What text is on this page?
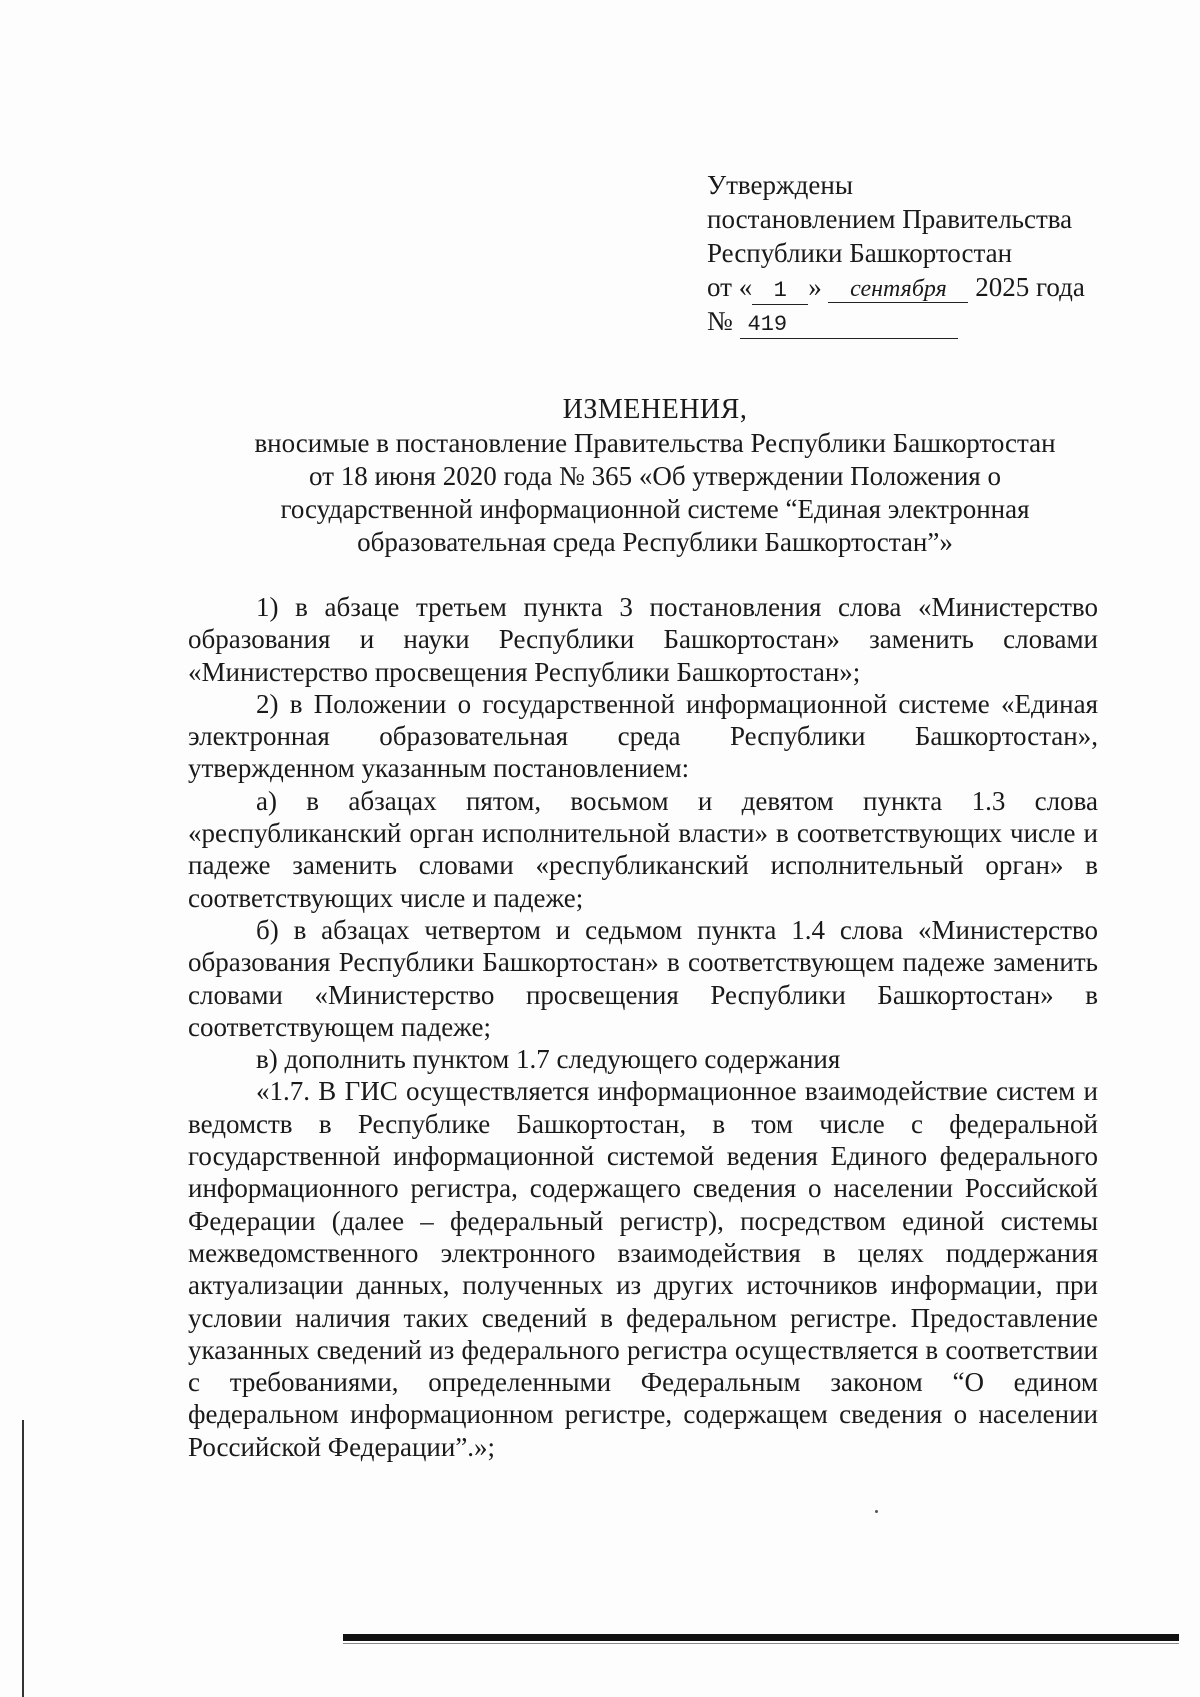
Утверждены
постановлением Правительства
Республики Башкортостан
от « 1 » сентября 2025 года
№ 419
ИЗМЕНЕНИЯ,
вносимые в постановление Правительства Республики Башкортостан
от 18 июня 2020 года № 365 «Об утверждении Положения о
государственной информационной системе “Единая электронная
образовательная среда Республики Башкортостан”»

1) в абзаце третьем пункта 3 постановления слова «Министерство образования и науки Республики Башкортостан» заменить словами «Министерство просвещения Республики Башкортостан»;

2) в Положении о государственной информационной системе «Единая электронная образовательная среда Республики Башкортостан», утвержденном указанным постановлением:

а) в абзацах пятом, восьмом и девятом пункта 1.3 слова «республиканский орган исполнительной власти» в соответствующих числе и падеже заменить словами «республиканский исполнительный орган» в соответствующих числе и падеже;

б) в абзацах четвертом и седьмом пункта 1.4 слова «Министерство образования Республики Башкортостан» в соответствующем падеже заменить словами «Министерство просвещения Республики Башкортостан» в соответствующем падеже;

в) дополнить пунктом 1.7 следующего содержания

«1.7. В ГИС осуществляется информационное взаимодействие систем и ведомств в Республике Башкортостан, в том числе с федеральной государственной информационной системой ведения Единого федерального информационного регистра, содержащего сведения о населении Российской Федерации (далее – федеральный регистр), посредством единой системы межведомственного электронного взаимодействия в целях поддержания актуализации данных, полученных из других источников информации, при условии наличия таких сведений в федеральном регистре. Предоставление указанных сведений из федерального регистра осуществляется в соответствии с требованиями, определенными Федеральным законом “О едином федеральном информационном регистре, содержащем сведения о населении Российской Федерации”.»;
